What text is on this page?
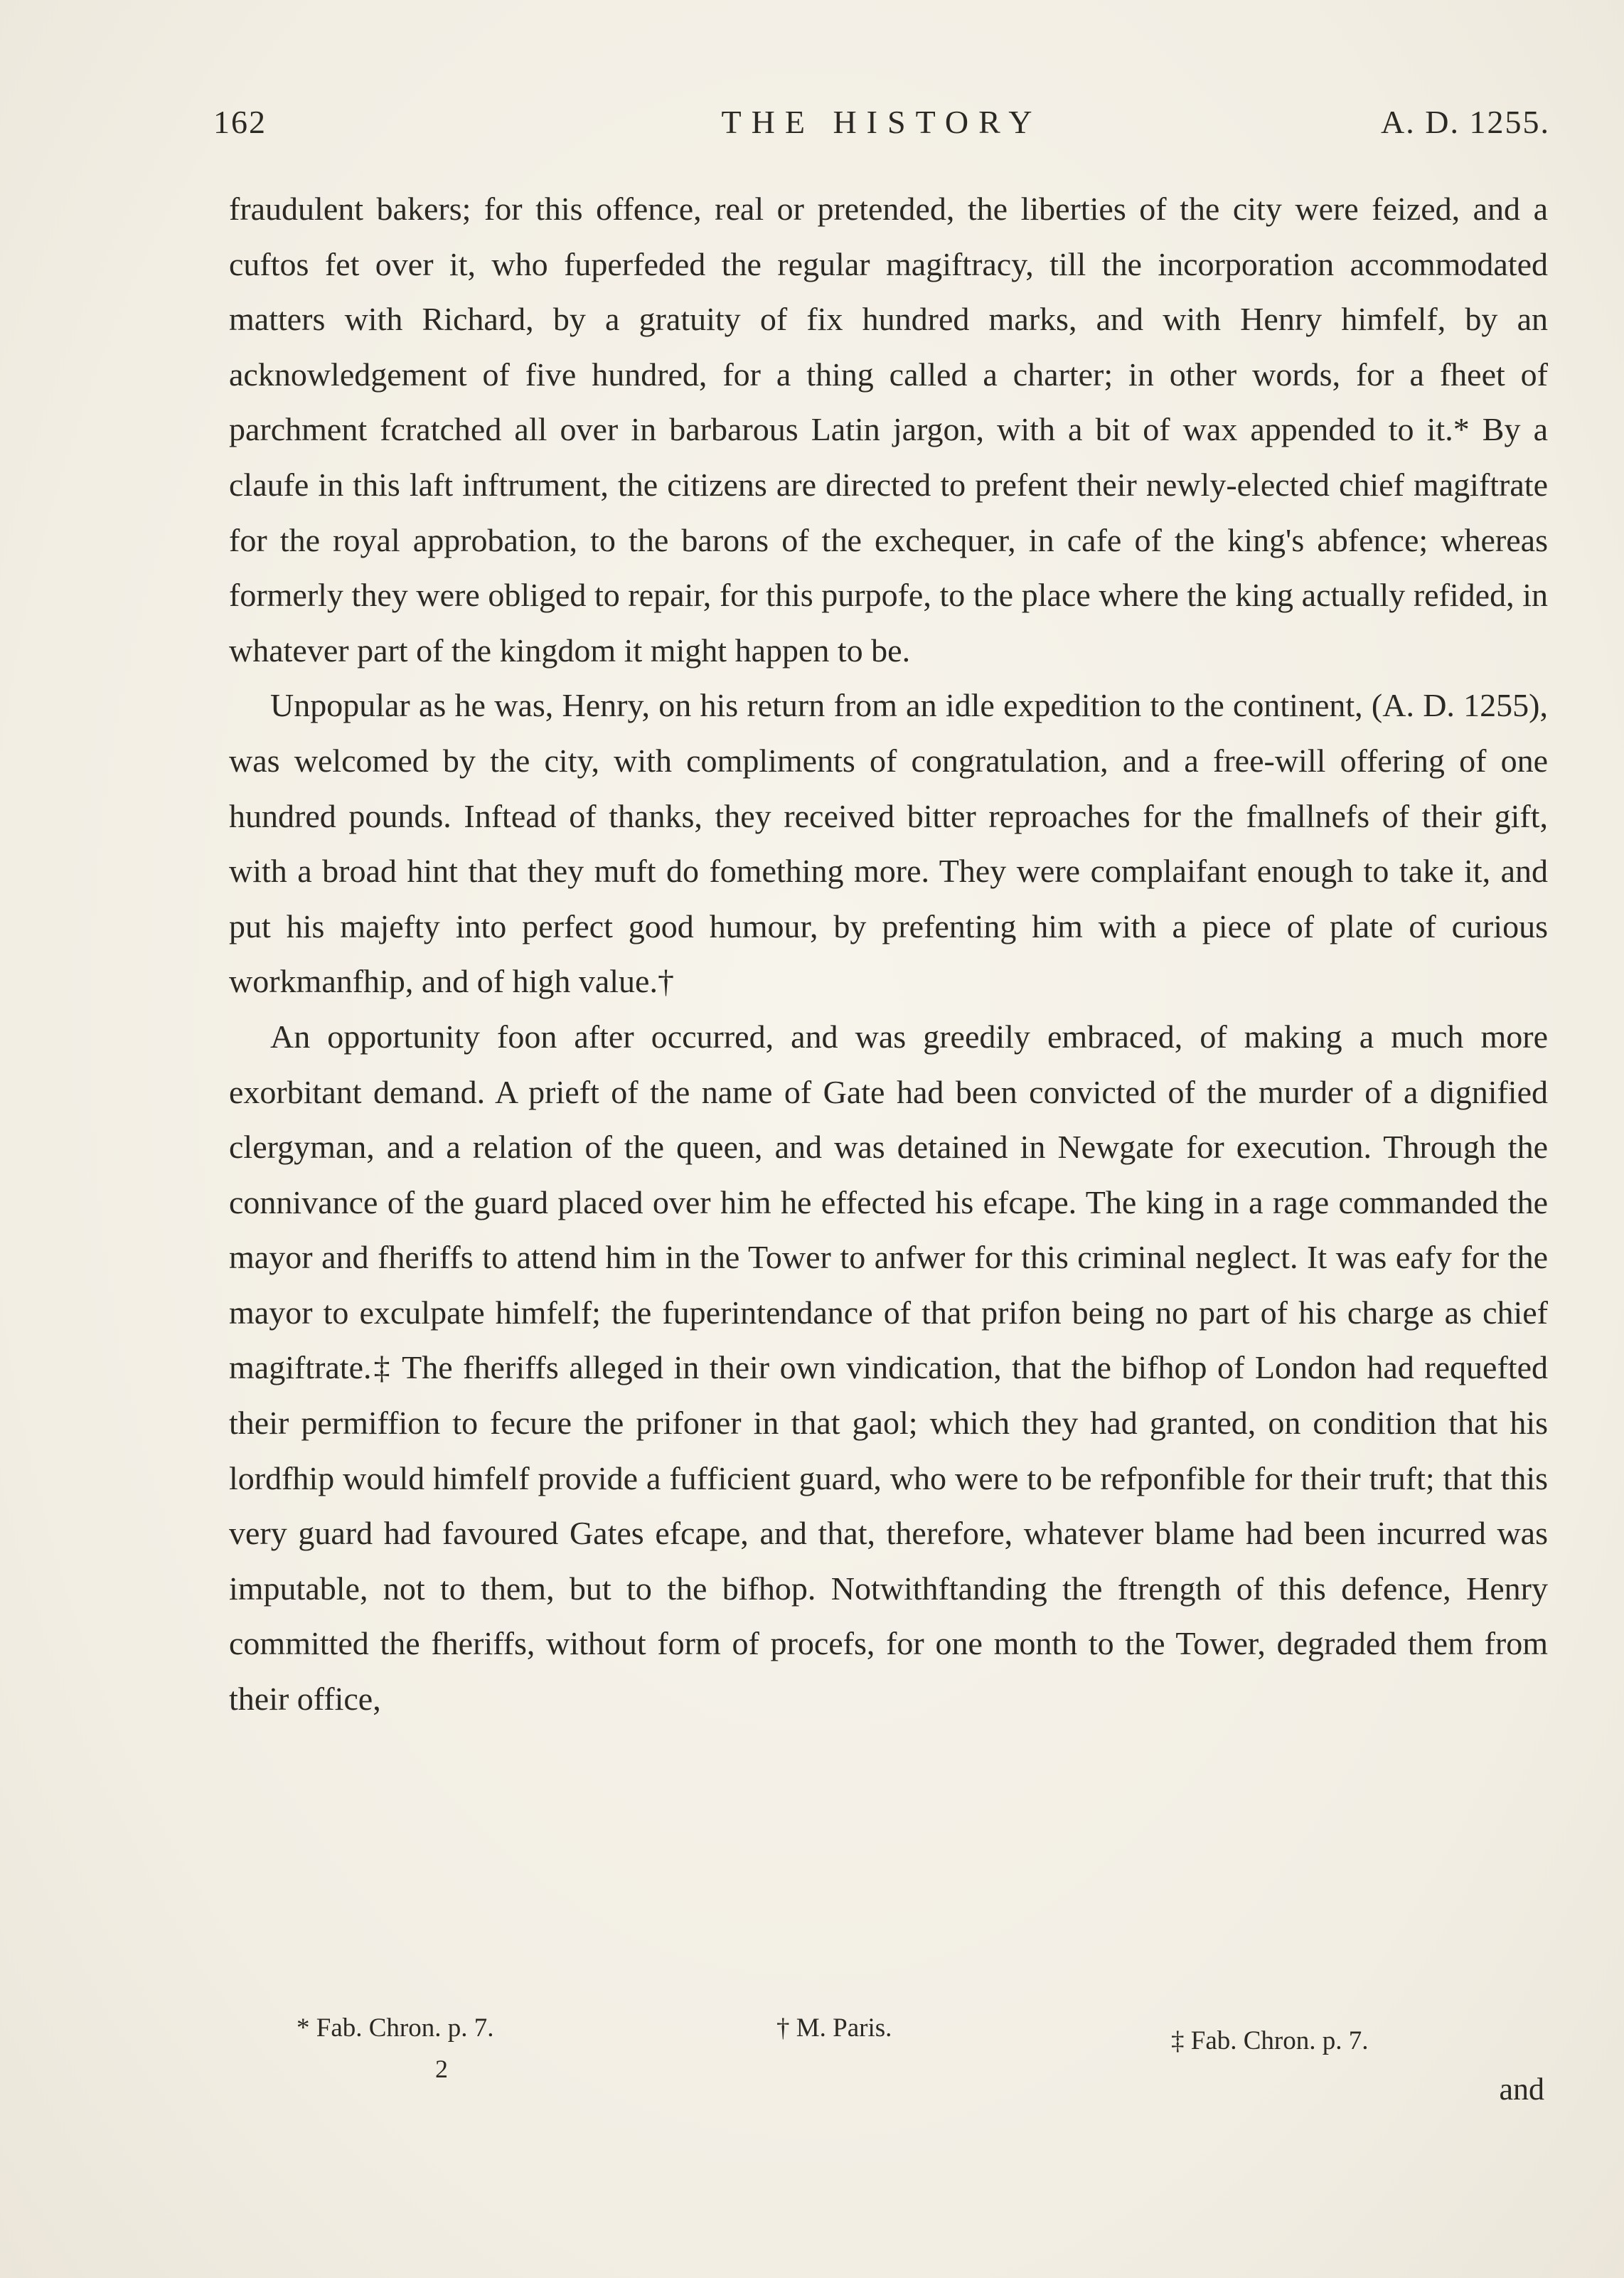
162	THE HISTORY	A. D. 1255.

fraudulent bakers; for this offence, real or pretended, the liberties of the city were feized, and a cuftos fet over it, who fuperfeded the regular magiftracy, till the incorporation accommodated matters with Richard, by a gratuity of fix hundred marks, and with Henry himfelf, by an acknowledgement of five hundred, for a thing called a charter; in other words, for a fheet of parchment fcratched all over in barbarous Latin jargon, with a bit of wax appended to it.* By a claufe in this laft inftrument, the citizens are directed to prefent their newly-elected chief magiftrate for the royal approbation, to the barons of the exchequer, in cafe of the king's abfence; whereas formerly they were obliged to repair, for this purpofe, to the place where the king actually refided, in whatever part of the kingdom it might happen to be.

Unpopular as he was, Henry, on his return from an idle expedition to the continent, (A. D. 1255), was welcomed by the city, with compliments of congratulation, and a free-will offering of one hundred pounds. Inftead of thanks, they received bitter reproaches for the fmallnefs of their gift, with a broad hint that they muft do fomething more. They were complaifant enough to take it, and put his majefty into perfect good humour, by prefenting him with a piece of plate of curious workmanfhip, and of high value.†

An opportunity foon after occurred, and was greedily embraced, of making a much more exorbitant demand. A prieft of the name of Gate had been convicted of the murder of a dignified clergyman, and a relation of the queen, and was detained in Newgate for execution. Through the connivance of the guard placed over him he effected his efcape. The king in a rage commanded the mayor and fheriffs to attend him in the Tower to anfwer for this criminal neglect. It was eafy for the mayor to exculpate himfelf; the fuperintendance of that prifon being no part of his charge as chief magiftrate.‡ The fheriffs alleged in their own vindication, that the bifhop of London had requefted their permiffion to fecure the prifoner in that gaol; which they had granted, on condition that his lordfhip would himfelf provide a fufficient guard, who were to be refponfible for their truft; that this very guard had favoured Gates efcape, and that, therefore, whatever blame had been incurred was imputable, not to them, but to the bifhop. Notwithftanding the ftrength of this defence, Henry committed the fheriffs, without form of procefs, for one month to the Tower, degraded them from their office,

* Fab. Chron. p. 7.	† M. Paris.	‡ Fab. Chron. p. 7.
2
and
